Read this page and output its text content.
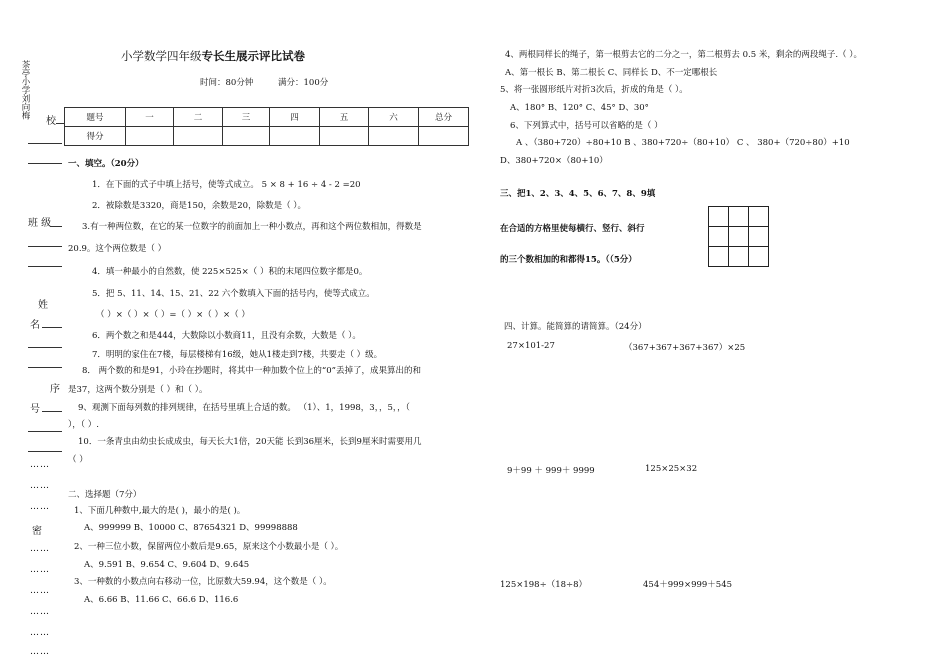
茶亭小学刘向梅
校
班 级
姓
名
序
号
……
……
……
密
……
……
……
……
……
……
小学数学四年级专长生展示评比试卷
时间：80分钟	满分：100分
题号	一	二	三	四	五	六	总分
得分							
一、填空。（20分）
1．在下面的式子中填上括号，使等式成立。 5 × 8 + 16 ÷ 4 - 2 =20
2．被除数是3320，商是150，余数是20，除数是（ ）。
3.有一种两位数，在它的某一位数字的前面加上一种小数点，再和这个两位数相加，得数是
20.9。这个两位数是（ ）
4．填一种最小的自然数，使 225×525×（ ）积的末尾四位数字都是0。
5．把 5、11、14、15、21、22 六个数填入下面的括号内，使等式成立。
（ ）×（ ）×（ ）=（ ）×（ ）×（ ）
6．两个数之和是444，大数除以小数商11，且没有余数，大数是（ ）。
7．明明的家住在7楼，每层楼梯有16级，她从1楼走到7楼，共要走（ ）级。
8． 两个数的和是91，小玲在抄题时，将其中一种加数个位上的“0”丢掉了，成果算出的和
是37，这两个数分别是（ ）和（ ）。
9、观测下面每列数的排列规律，在括号里填上合适的数。 （1）、1，1998，3，，5，，（
），（ ）.
10．一条青虫由幼虫长成成虫，每天长大1倍，20天能 长到36厘米，长到9厘米时需要用几
（ ）
二、选择题（7分）
1、下面几种数中,最大的是( )，最小的是( )。
A、999999 B、10000 C、87654321 D、99998888
2、一种三位小数，保留两位小数后是9.65，原来这个小数最小是（ ）。
A、9.591 B、9.654 C、9.604 D、9.645
3、一种数的小数点向右移动一位，比原数大59.94，这个数是（ ）。
A、6.66 B、11.66 C、66.6 D、116.6
4、两根同样长的绳子，第一根剪去它的二分之一，第二根剪去 0.5 米，剩余的两段绳子.（ ）。
A、第一根长 B、第二根长 C、同样长 D、不一定哪根长
5、将一张圆形纸片对折3次后，折成的角是（ ）。
A、180° B、120° C、45° D、30°
6、下列算式中，括号可以省略的是（ ）
A 、（380+720）÷80+10 B 、380+720÷（80+10） C 、 380+（720÷80）+10
D、380+720×（80+10）
三、把1、2、3、4、5、6、7、8、9填
在合适的方格里使每横行、竖行、斜行
的三个数相加的和都得15。（（5分）

四、计算。能简算的请简算。（24分）
27×101-27	（367+367+367+367）×25
9＋99 ＋ 999＋ 9999	125×25×32
125×198÷（18÷8）	454＋999×999＋545
